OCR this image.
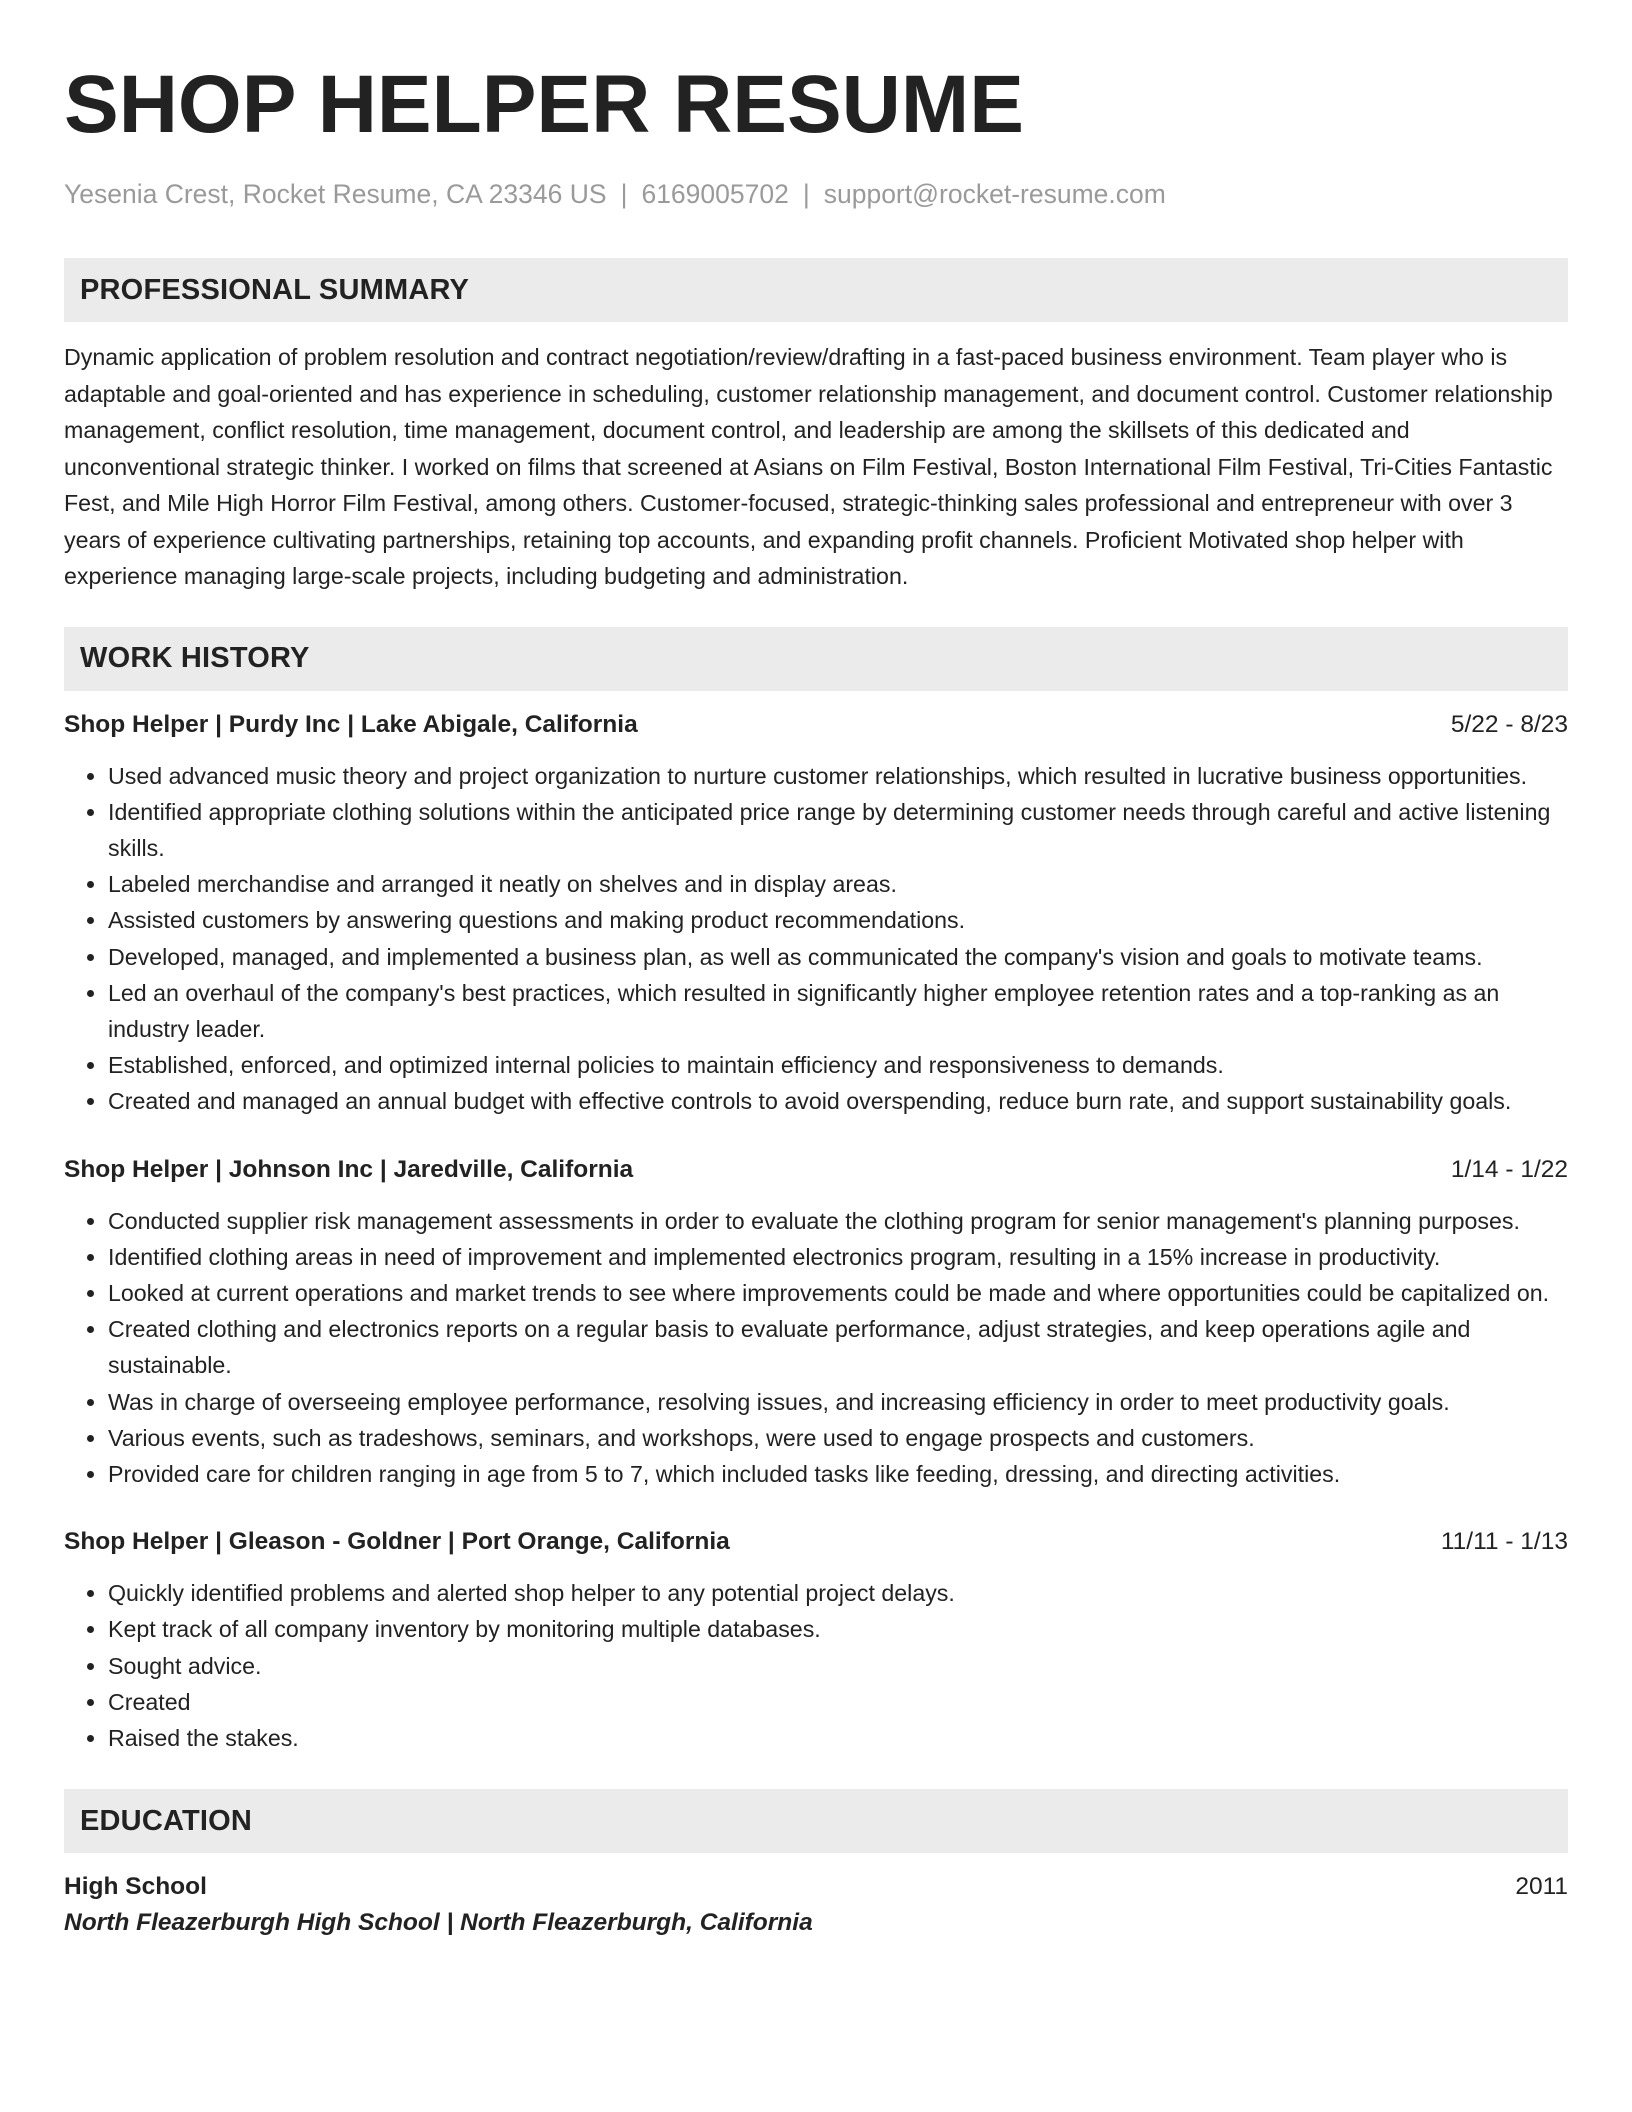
SHOP HELPER RESUME
Yesenia Crest, Rocket Resume, CA 23346 US | 6169005702 | support@rocket-resume.com
PROFESSIONAL SUMMARY

Dynamic application of problem resolution and contract negotiation/review/drafting in a fast-paced business environment. Team player who is adaptable and goal-oriented and has experience in scheduling, customer relationship management, and document control. Customer relationship management, conflict resolution, time management, document control, and leadership are among the skillsets of this dedicated and unconventional strategic thinker. I worked on films that screened at Asians on Film Festival, Boston International Film Festival, Tri-Cities Fantastic Fest, and Mile High Horror Film Festival, among others. Customer-focused, strategic-thinking sales professional and entrepreneur with over 3 years of experience cultivating partnerships, retaining top accounts, and expanding profit channels. Proficient Motivated shop helper with experience managing large-scale projects, including budgeting and administration.

WORK HISTORY
Shop Helper | Purdy Inc | Lake Abigale, California	5/22 - 8/23
• Used advanced music theory and project organization to nurture customer relationships, which resulted in lucrative business opportunities.
• Identified appropriate clothing solutions within the anticipated price range by determining customer needs through careful and active listening skills.
• Labeled merchandise and arranged it neatly on shelves and in display areas.
• Assisted customers by answering questions and making product recommendations.
• Developed, managed, and implemented a business plan, as well as communicated the company's vision and goals to motivate teams.
• Led an overhaul of the company's best practices, which resulted in significantly higher employee retention rates and a top-ranking as an industry leader.
• Established, enforced, and optimized internal policies to maintain efficiency and responsiveness to demands.
• Created and managed an annual budget with effective controls to avoid overspending, reduce burn rate, and support sustainability goals.
Shop Helper | Johnson Inc | Jaredville, California	1/14 - 1/22
• Conducted supplier risk management assessments in order to evaluate the clothing program for senior management's planning purposes.
• Identified clothing areas in need of improvement and implemented electronics program, resulting in a 15% increase in productivity.
• Looked at current operations and market trends to see where improvements could be made and where opportunities could be capitalized on.
• Created clothing and electronics reports on a regular basis to evaluate performance, adjust strategies, and keep operations agile and sustainable.
• Was in charge of overseeing employee performance, resolving issues, and increasing efficiency in order to meet productivity goals.
• Various events, such as tradeshows, seminars, and workshops, were used to engage prospects and customers.
• Provided care for children ranging in age from 5 to 7, which included tasks like feeding, dressing, and directing activities.
Shop Helper | Gleason - Goldner | Port Orange, California	11/11 - 1/13
• Quickly identified problems and alerted shop helper to any potential project delays.
• Kept track of all company inventory by monitoring multiple databases.
• Sought advice.
• Created
• Raised the stakes.
EDUCATION
High School	2011
North Fleazerburgh High School | North Fleazerburgh, California
